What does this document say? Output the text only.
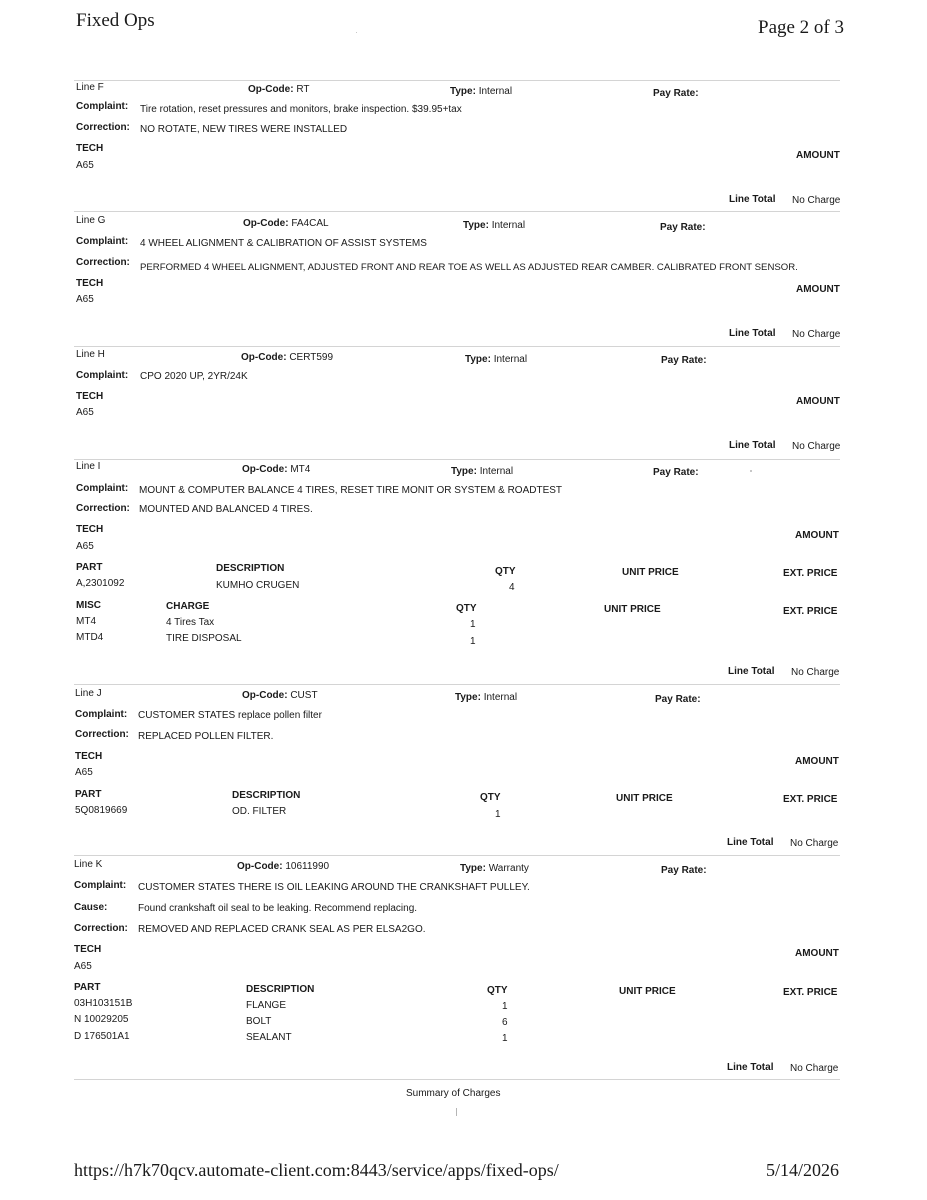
Fixed Ops	Page 2 of 3
Line F	Op-Code: RT	Type: Internal	Pay Rate:
Complaint: Tire rotation, reset pressures and monitors, brake inspection. $39.95+tax
Correction: NO ROTATE, NEW TIRES WERE INSTALLED
TECH
AMOUNT
A65
Line Total No Charge
Line G	Op-Code: FA4CAL	Type: Internal	Pay Rate:
Complaint: 4 WHEEL ALIGNMENT & CALIBRATION OF ASSIST SYSTEMS
Correction: PERFORMED 4 WHEEL ALIGNMENT, ADJUSTED FRONT AND REAR TOE AS WELL AS ADJUSTED REAR CAMBER. CALIBRATED FRONT SENSOR.
TECH
AMOUNT
A65
Line Total No Charge
Line H	Op-Code: CERT599	Type: Internal	Pay Rate:
Complaint: CPO 2020 UP, 2YR/24K
TECH	AMOUNT
A65
Line Total No Charge
Line I	Op-Code: MT4	Type: Internal	Pay Rate:
Complaint: MOUNT & COMPUTER BALANCE 4 TIRES, RESET TIRE MONIT OR SYSTEM & ROADTEST
Correction: MOUNTED AND BALANCED 4 TIRES.
TECH
AMOUNT
A65
PART	DESCRIPTION	QTY	UNIT PRICE	EXT. PRICE
A,2301092	KUMHO CRUGEN	4
MISC	CHARGE	QTY	UNIT PRICE	EXT. PRICE
MT4	4 Tires Tax	1
MTD4	TIRE DISPOSAL	1
Line Total No Charge
Line J	Op-Code: CUST	Type: Internal	Pay Rate:
Complaint: CUSTOMER STATES replace pollen filter
Correction: REPLACED POLLEN FILTER.
TECH	AMOUNT
A65
PART	DESCRIPTION	QTY	UNIT PRICE	EXT. PRICE
5Q0819669	OD. FILTER	1
Line Total No Charge
Line K	Op-Code: 10611990	Type: Warranty	Pay Rate:
Complaint: CUSTOMER STATES THERE IS OIL LEAKING AROUND THE CRANKSHAFT PULLEY.
Cause:	Found crankshaft oil seal to be leaking. Recommend replacing.
Correction: REMOVED AND REPLACED CRANK SEAL AS PER ELSA2GO.
TECH	AMOUNT
A65
PART	DESCRIPTION	QTY	UNIT PRICE	EXT. PRICE
03H103151B	FLANGE	1
N 10029205	BOLT	6
D 176501A1	SEALANT	1
Line Total No Charge
Summary of Charges
https://h7k70qcv.automate-client.com:8443/service/apps/fixed-ops/	5/14/2026
